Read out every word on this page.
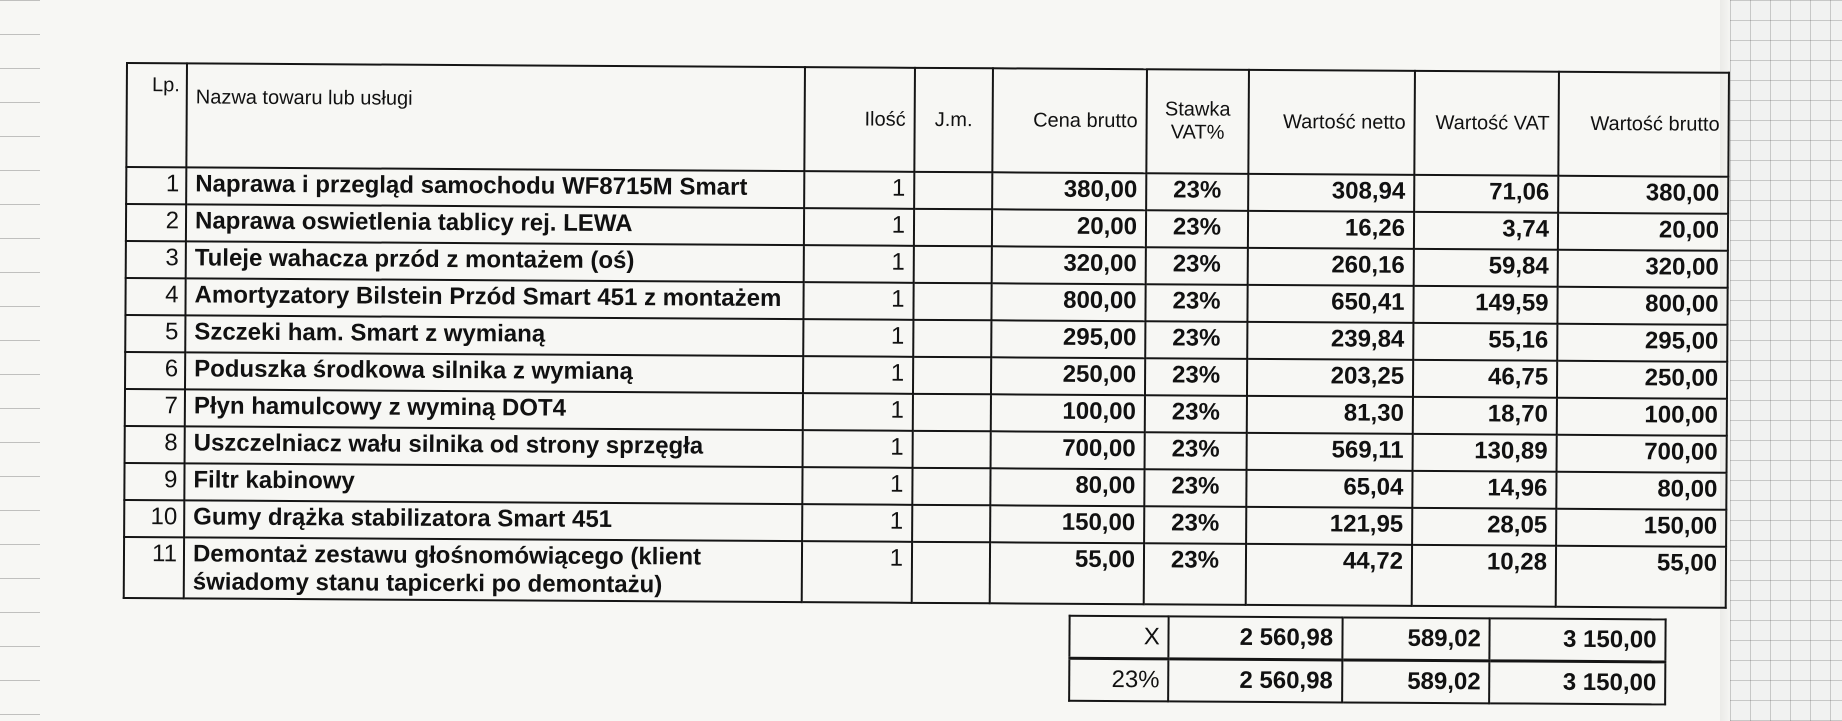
Lp.	Nazwa towaru lub usługi	Ilość	J.m.	Cena brutto	Stawka VAT%	Wartość netto	Wartość VAT	Wartość brutto
1	Naprawa i przegląd samochodu WF8715M Smart	1		380,00	23%	308,94	71,06	380,00
2	Naprawa oswietlenia tablicy rej. LEWA	1		20,00	23%	16,26	3,74	20,00
3	Tuleje wahacza przód z montażem (oś)	1		320,00	23%	260,16	59,84	320,00
4	Amortyzatory Bilstein Przód Smart 451 z montażem	1		800,00	23%	650,41	149,59	800,00
5	Szczeki ham. Smart z wymianą	1		295,00	23%	239,84	55,16	295,00
6	Poduszka środkowa silnika z wymianą	1		250,00	23%	203,25	46,75	250,00
7	Płyn hamulcowy z wyminą DOT4	1		100,00	23%	81,30	18,70	100,00
8	Uszczelniacz wału silnika od strony sprzęgła	1		700,00	23%	569,11	130,89	700,00
9	Filtr kabinowy	1		80,00	23%	65,04	14,96	80,00
10	Gumy drążka stabilizatora Smart 451	1		150,00	23%	121,95	28,05	150,00
11	Demontaż zestawu głośnomówiącego (klient świadomy stanu tapicerki po demontażu)	1		55,00	23%	44,72	10,28	55,00
X	2 560,98	589,02	3 150,00
23%	2 560,98	589,02	3 150,00
